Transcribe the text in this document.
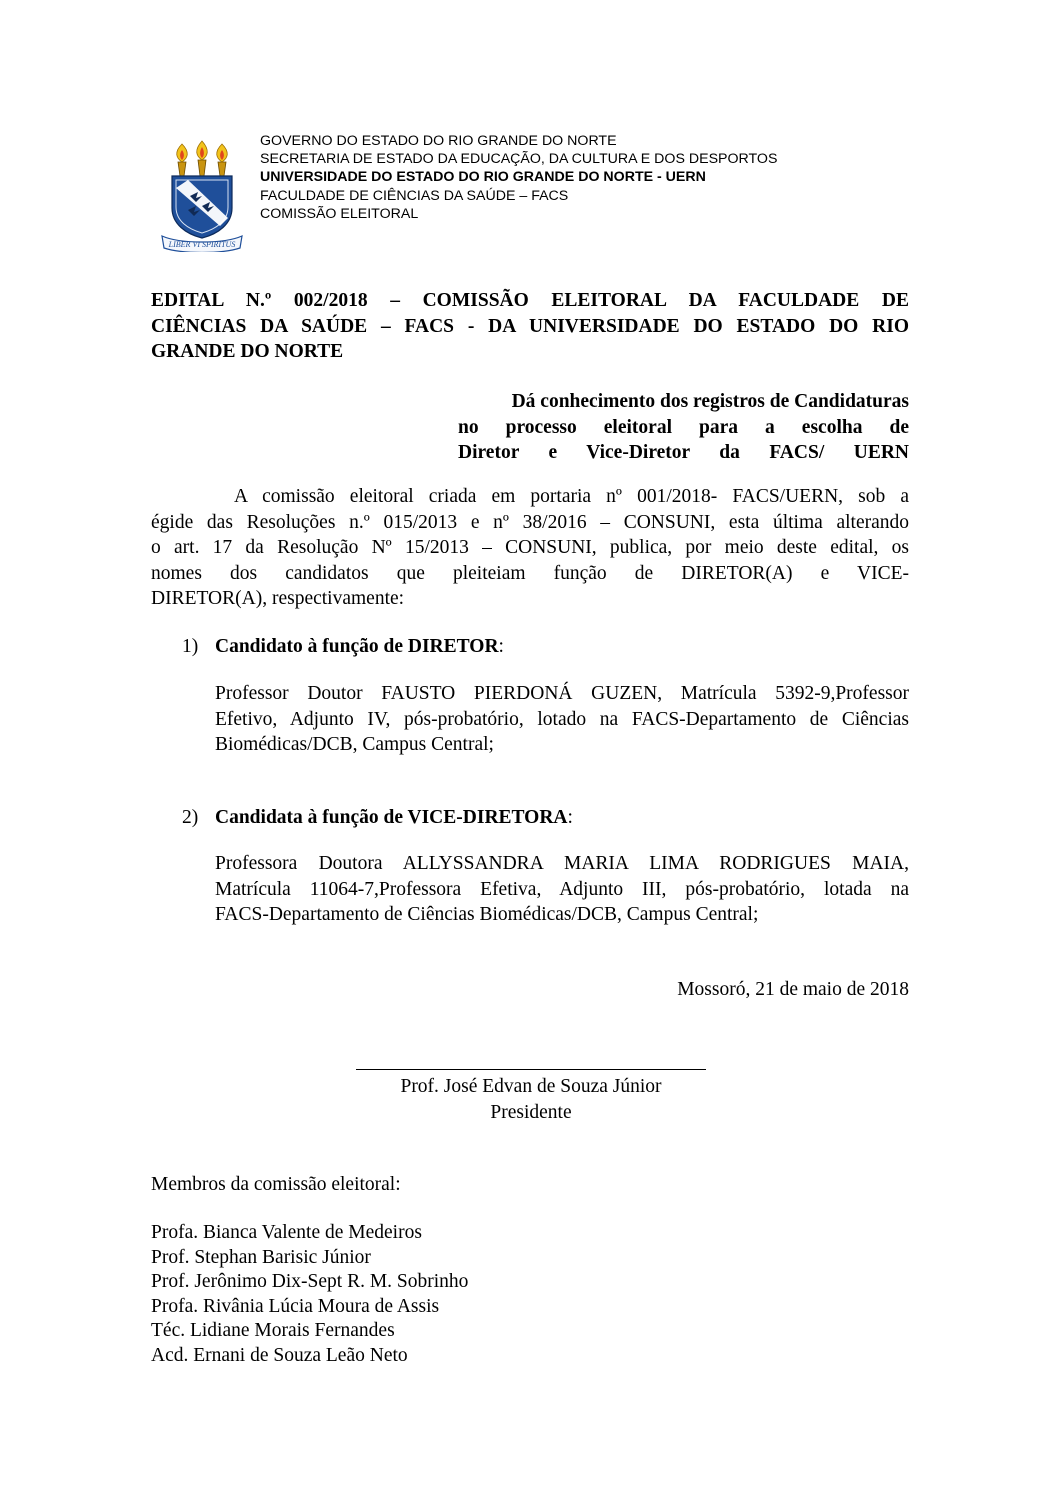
LIBER VI SPIRITUS
GOVERNO DO ESTADO DO RIO GRANDE DO NORTE
SECRETARIA DE ESTADO DA EDUCAÇÃO, DA CULTURA E DOS DESPORTOS
UNIVERSIDADE DO ESTADO DO RIO GRANDE DO NORTE - UERN
FACULDADE DE CIÊNCIAS DA SAÚDE – FACS
COMISSÃO ELEITORAL
EDITAL N.º 002/2018 – COMISSÃO ELEITORAL DA FACULDADE DE
CIÊNCIAS DA SAÚDE – FACS - DA UNIVERSIDADE DO ESTADO DO RIO
GRANDE DO NORTE
Dá conhecimento dos registros de Candidaturas
no processo eleitoral para a escolha de
Diretor e Vice-Diretor da FACS/ UERN
A comissão eleitoral criada em portaria nº 001/2018- FACS/UERN, sob a
égide das Resoluções n.º 015/2013 e nº 38/2016 – CONSUNI, esta última alterando
o art. 17 da Resolução Nº 15/2013 – CONSUNI, publica, por meio deste edital, os
nomes dos candidatos que pleiteiam função de DIRETOR(A) e VICE-
DIRETOR(A), respectivamente:
1) Candidato à função de DIRETOR:
Professor Doutor FAUSTO PIERDONÁ GUZEN, Matrícula 5392-9,Professor
Efetivo, Adjunto IV, pós-probatório, lotado na FACS-Departamento de Ciências
Biomédicas/DCB, Campus Central;
2) Candidata à função de VICE-DIRETORA:
Professora Doutora ALLYSSANDRA MARIA LIMA RODRIGUES MAIA,
Matrícula 11064-7,Professora Efetiva, Adjunto III, pós-probatório, lotada na
FACS-Departamento de Ciências Biomédicas/DCB, Campus Central;
Mossoró, 21 de maio de 2018
Prof. José Edvan de Souza Júnior
Presidente
Membros da comissão eleitoral:
Profa. Bianca Valente de Medeiros
Prof. Stephan Barisic Júnior
Prof. Jerônimo Dix-Sept R. M. Sobrinho
Profa. Rivânia Lúcia Moura de Assis
Téc. Lidiane Morais Fernandes
Acd. Ernani de Souza Leão Neto
